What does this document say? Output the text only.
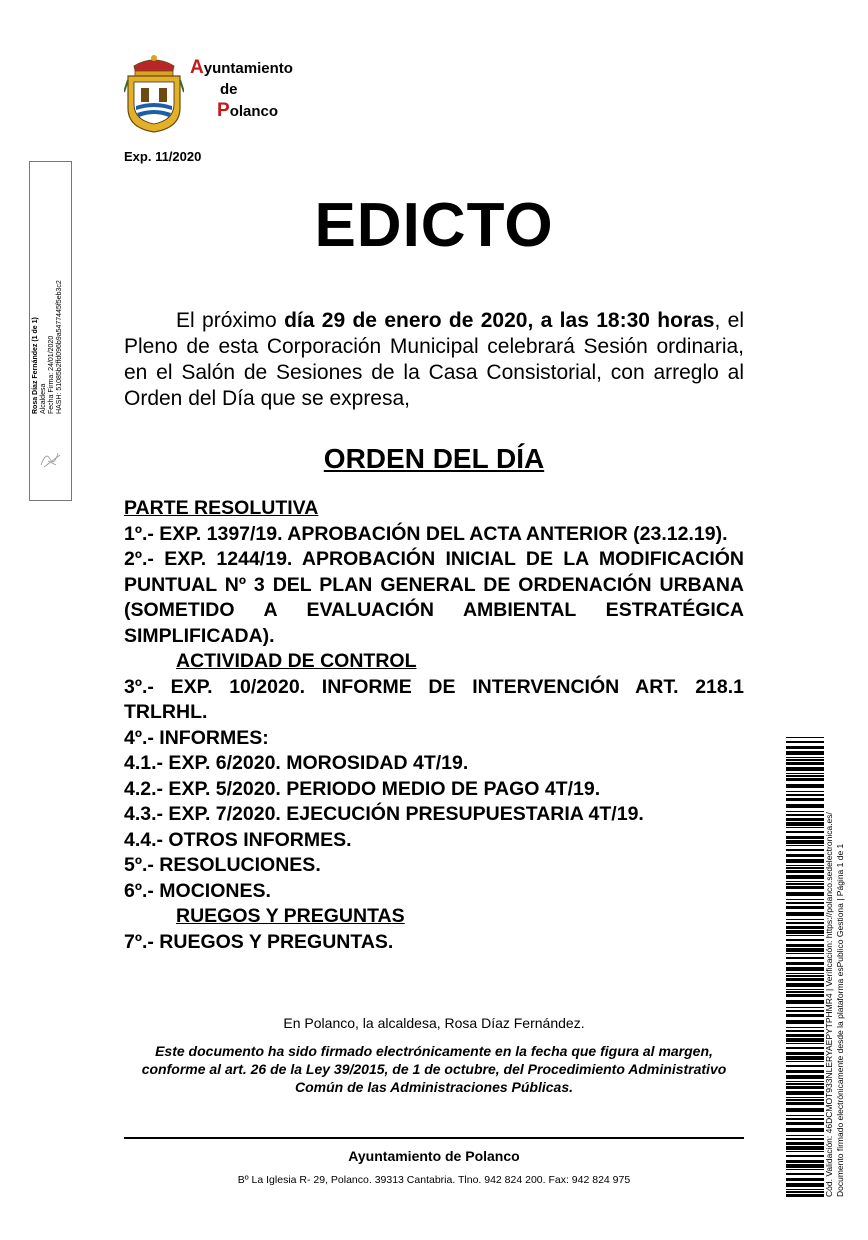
Ayuntamiento
de
Polanco
Exp. 11/2020
Rosa Díaz Fernández (1 de 1) Alcaldesa Fecha Firma: 24/01/2020 HASH: 51085b2ffd096b9a5477445f5eb3c2
EDICTO
El próximo día 29 de enero de 2020, a las 18:30 horas, el Pleno de esta Corporación Municipal celebrará Sesión ordinaria, en el Salón de Sesiones de la Casa Consistorial, con arreglo al Orden del Día que se expresa,
ORDEN DEL DÍA

PARTE RESOLUTIVA

1º.- EXP. 1397/19. APROBACIÓN DEL ACTA ANTERIOR (23.12.19).

2º.- EXP. 1244/19. APROBACIÓN INICIAL DE LA MODIFICACIÓN PUNTUAL Nº 3 DEL PLAN GENERAL DE ORDENACIÓN URBANA (SOMETIDO A EVALUACIÓN AMBIENTAL ESTRATÉGICA SIMPLIFICADA).

ACTIVIDAD DE CONTROL

3º.- EXP. 10/2020. INFORME DE INTERVENCIÓN ART. 218.1 TRLRHL.

4º.- INFORMES:

4.1.- EXP. 6/2020. MOROSIDAD 4T/19.

4.2.- EXP. 5/2020. PERIODO MEDIO DE PAGO 4T/19.

4.3.- EXP. 7/2020. EJECUCIÓN PRESUPUESTARIA 4T/19.

4.4.- OTROS INFORMES.

5º.- RESOLUCIONES.

6º.- MOCIONES.

RUEGOS Y PREGUNTAS

7º.- RUEGOS Y PREGUNTAS.

En Polanco, la alcaldesa, Rosa Díaz Fernández.
Este documento ha sido firmado electrónicamente en la fecha que figura al margen, conforme al art. 26 de la Ley 39/2015, de 1 de octubre, del Procedimiento Administrativo Común de las Administraciones Públicas.
Ayuntamiento de Polanco
Bº La Iglesia R- 29, Polanco. 39313 Cantabria. Tlno. 942 824 200. Fax: 942 824 975	Cód. Validación: 46DCMOT933NLERYAEPYTPHMR4 | Verificación: https://polanco.sedelectronica.es/ Documento firmado electrónicamente desde la plataforma esPublico Gestiona | Página 1 de 1
